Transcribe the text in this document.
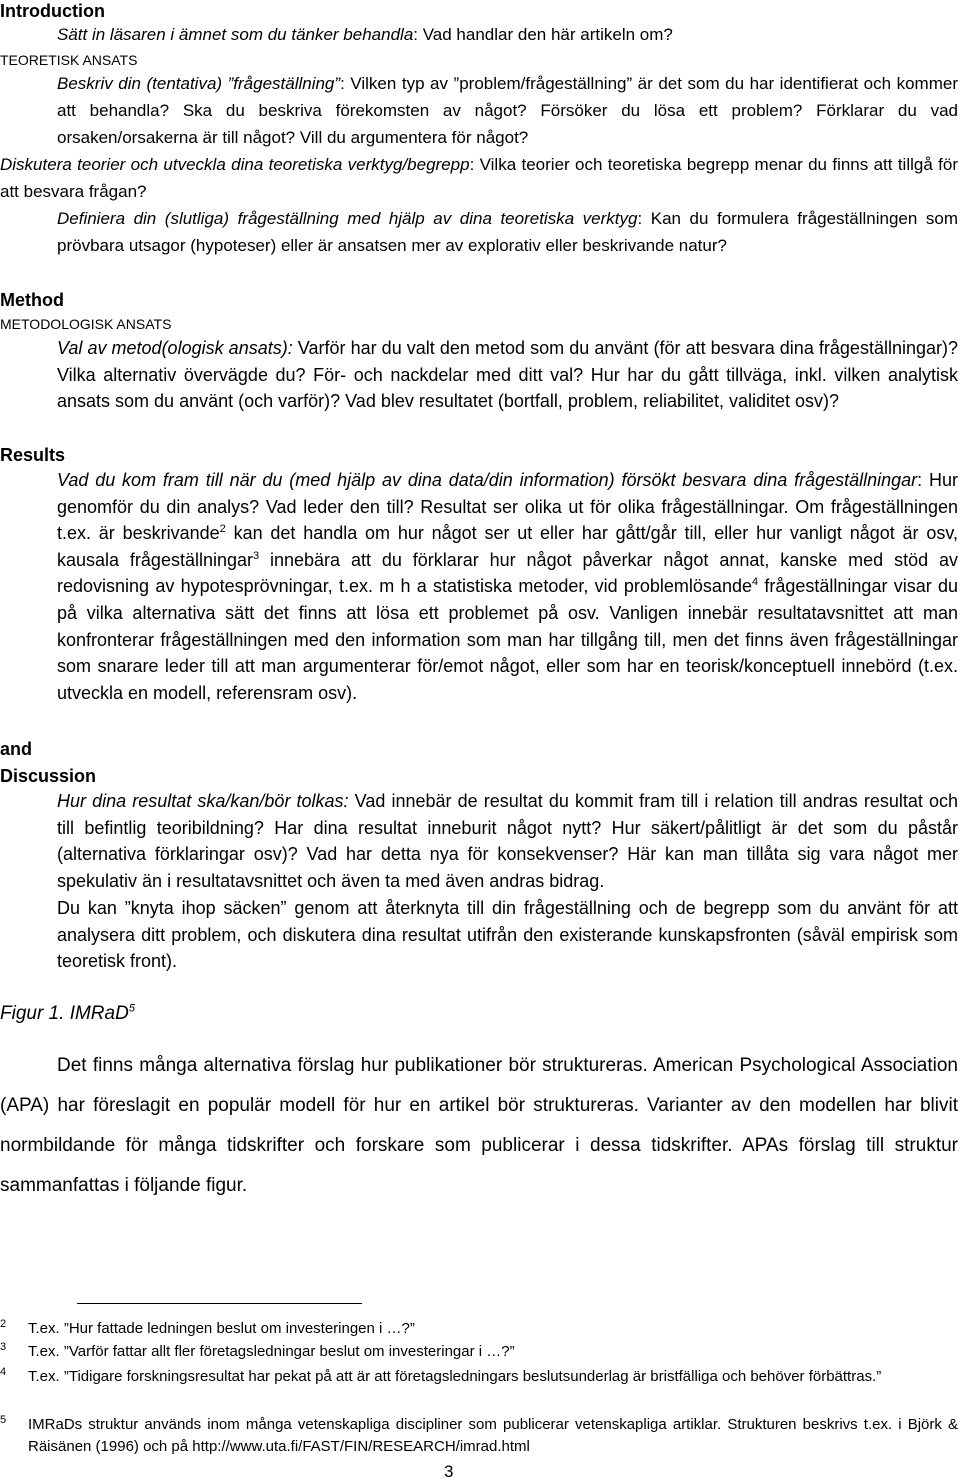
Introduction

Sätt in läsaren i ämnet som du tänker behandla: Vad handlar den här artikeln om?

TEORETISK ANSATS

Beskriv din (tentativa) ”frågeställning”: Vilken typ av ”problem/frågeställning” är det som du har identifierat och kommer att behandla? Ska du beskriva förekomsten av något? Försöker du lösa ett problem? Förklarar du vad orsaken/orsakerna är till något? Vill du argumentera för något?

Diskutera teorier och utveckla dina teoretiska verktyg/begrepp: Vilka teorier och teoretiska begrepp menar du finns att tillgå för att besvara frågan?

Definiera din (slutliga) frågeställning med hjälp av dina teoretiska verktyg: Kan du formulera frågeställningen som prövbara utsagor (hypoteser) eller är ansatsen mer av explorativ eller beskrivande natur?

Method
METODOLOGISK ANSATS

Val av metod(ologisk ansats): Varför har du valt den metod som du använt (för att besvara dina frågeställningar)? Vilka alternativ övervägde du? För- och nackdelar med ditt val? Hur har du gått tillväga, inkl. vilken analytisk ansats som du använt (och varför)? Vad blev resultatet (bortfall, problem, reliabilitet, validitet osv)?

Results

Vad du kom fram till när du (med hjälp av dina data/din information) försökt besvara dina frågeställningar: Hur genomför du din analys? Vad leder den till? Resultat ser olika ut för olika frågeställningar. Om frågeställningen t.ex. är beskrivande$^2$ kan det handla om hur något ser ut eller har gått/går till, eller hur vanligt något är osv, kausala frågeställningar$^3$ innebära att du förklarar hur något påverkar något annat, kanske med stöd av redovisning av hypotesprövningar, t.ex. m h a statistiska metoder, vid problemlösande$^4$ frågeställningar visar du på vilka alternativa sätt det finns att lösa ett problemet på osv. Vanligen innebär resultatavsnittet att man konfronterar frågeställningen med den information som man har tillgång till, men det finns även frågeställningar som snarare leder till att man argumenterar för/emot något, eller som har en teorisk/konceptuell innebörd (t.ex. utveckla en modell, referensram osv).

and
Discussion

Hur dina resultat ska/kan/bör tolkas: Vad innebär de resultat du kommit fram till i relation till andras resultat och till befintlig teoribildning? Har dina resultat inneburit något nytt? Hur säkert/pålitligt är det som du påstår (alternativa förklaringar osv)? Vad har detta nya för konsekvenser? Här kan man tillåta sig vara något mer spekulativ än i resultatavsnittet och även ta med även andras bidrag.

Du kan ”knyta ihop säcken” genom att återknyta till din frågeställning och de begrepp som du använt för att analysera ditt problem, och diskutera dina resultat utifrån den existerande kunskapsfronten (såväl empirisk som teoretisk front).

Figur 1. IMRaD$^5$

Det finns många alternativa förslag hur publikationer bör struktureras. American Psychological Association (APA) har föreslagit en populär modell för hur en artikel bör struktureras. Varianter av den modellen har blivit normbildande för många tidskrifter och forskare som publicerar i dessa tidskrifter. APAs förslag till struktur sammanfattas i följande figur.

2	T.ex. ”Hur fattade ledningen beslut om investeringen i …?”
3	T.ex. ”Varför fattar allt fler företagsledningar beslut om investeringar i …?”
4	T.ex. ”Tidigare forskningsresultat har pekat på att är att företagsledningars beslutsunderlag är bristfälliga och behöver förbättras.”
5	IMRaDs struktur används inom många vetenskapliga discipliner som publicerar vetenskapliga artiklar. Strukturen beskrivs t.ex. i Björk & Räisänen (1996) och på http://www.uta.fi/FAST/FIN/RESEARCH/imrad.html
3
